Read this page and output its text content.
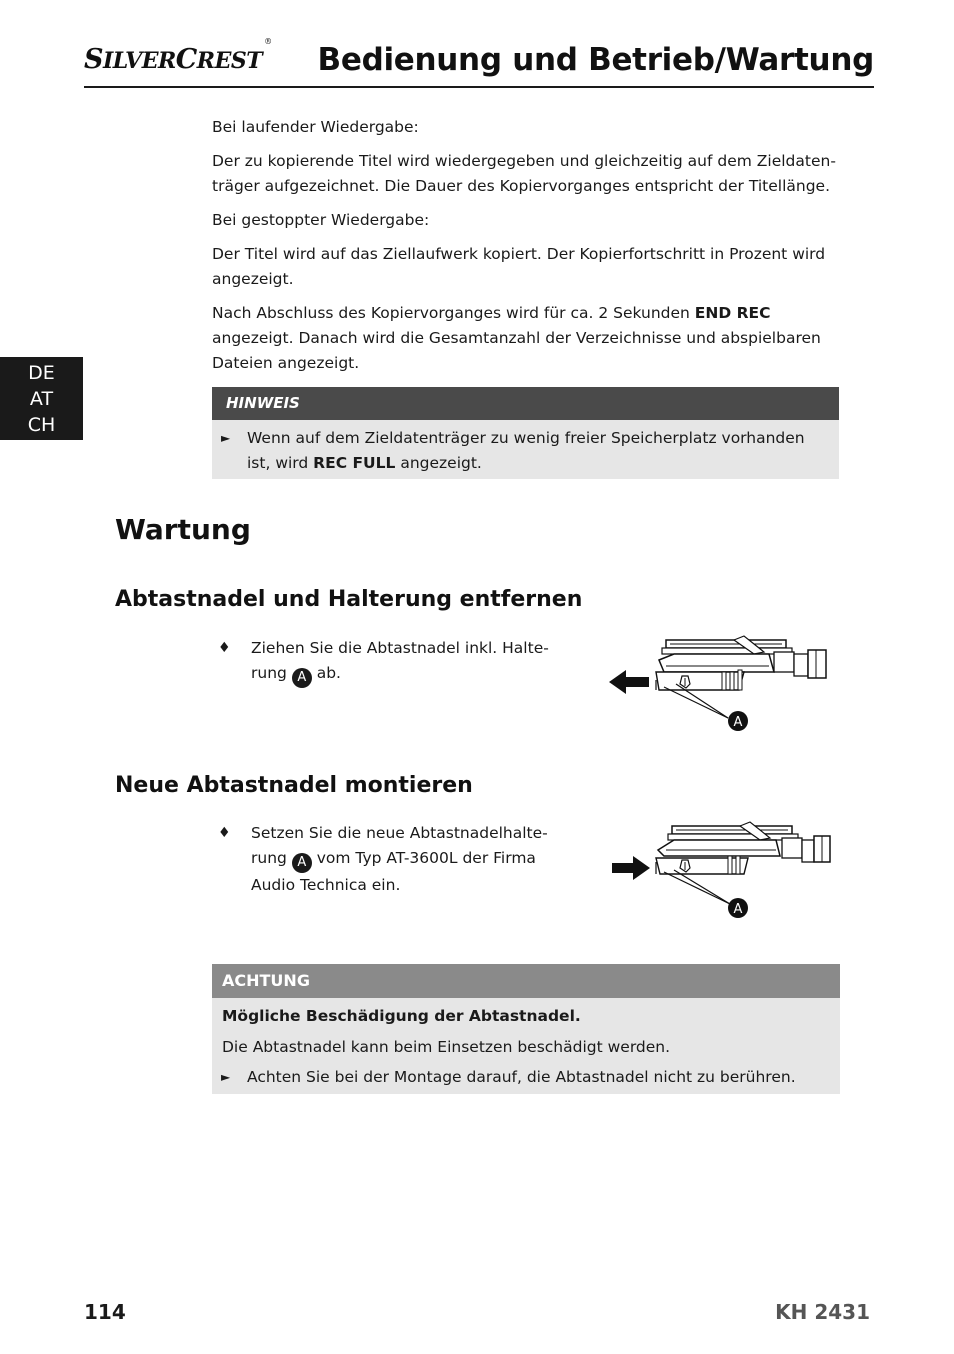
SILVERCREST®
Bedienung und Betrieb/Wartung
DE
AT
CH

Bei laufender Wiedergabe:

Der zu kopierende Titel wird wiedergegeben und gleichzeitig auf dem Zieldaten-träger aufgezeichnet. Die Dauer des Kopiervorganges entspricht der Titellänge.

Bei gestoppter Wiedergabe:

Der Titel wird auf das Ziellaufwerk kopiert. Der Kopierfortschritt in Prozent wird angezeigt.

Nach Abschluss des Kopiervorganges wird für ca. 2 Sekunden END REC angezeigt. Danach wird die Gesamtanzahl der Verzeichnisse und abspielbaren Dateien angezeigt.

HINWEIS
►	Wenn auf dem Zieldatenträger zu wenig freier Speicherplatz vorhanden ist, wird REC FULL angezeigt.
Wartung
Abtastnadel und Halterung entfernen
♦	Ziehen Sie die Abtastnadel inkl. Halte-rung A ab.
A
Neue Abtastnadel montieren
♦	Setzen Sie die neue Abtastnadelhalte-rung A vom Typ AT-3600L der Firma Audio Technica ein.
A
ACHTUNG
Mögliche Beschädigung der Abtastnadel.
Die Abtastnadel kann beim Einsetzen beschädigt werden.
►	Achten Sie bei der Montage darauf, die Abtastnadel nicht zu berühren.
114	KH 2431
